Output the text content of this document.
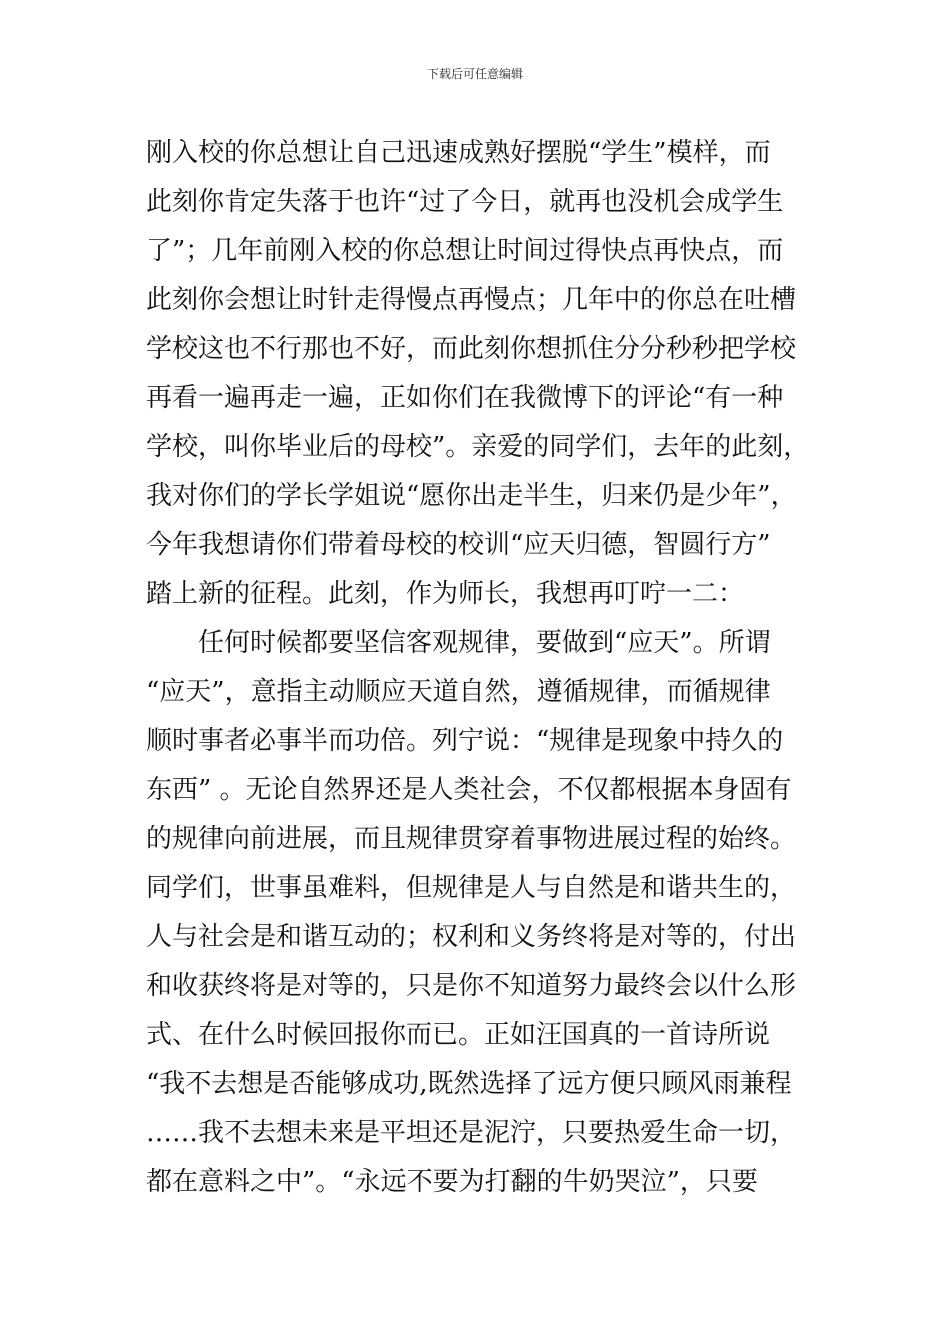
下载后可任意编辑
刚入校的你总想让自己迅速成熟好摆脱“学生”模样，而
此刻你肯定失落于也许“过了今日，就再也没机会成学生
了”；几年前刚入校的你总想让时间过得快点再快点，而
此刻你会想让时针走得慢点再慢点；几年中的你总在吐槽
学校这也不行那也不好，而此刻你想抓住分分秒秒把学校
再看一遍再走一遍，正如你们在我微博下的评论“有一种
学校，叫你毕业后的母校”。亲爱的同学们，去年的此刻，
我对你们的学长学姐说“愿你出走半生，归来仍是少年”，
今年我想请你们带着母校的校训“应天归德，智圆行方”
踏上新的征程。此刻，作为师长，我想再叮咛一二：
任何时候都要坚信客观规律，要做到“应天”。所谓
“应天”，意指主动顺应天道自然，遵循规律，而循规律
顺时事者必事半而功倍。列宁说：“规律是现象中持久的
东西” 。无论自然界还是人类社会，不仅都根据本身固有
的规律向前进展，而且规律贯穿着事物进展过程的始终。
同学们，世事虽难料，但规律是人与自然是和谐共生的，
人与社会是和谐互动的；权利和义务终将是对等的，付出
和收获终将是对等的，只是你不知道努力最终会以什么形
式、在什么时候回报你而已。正如汪国真的一首诗所说
“我不去想是否能够成功,既然选择了远方便只顾风雨兼程
……我不去想未来是平坦还是泥泞，只要热爱生命一切，
都在意料之中”。“永远不要为打翻的牛奶哭泣”，只要
